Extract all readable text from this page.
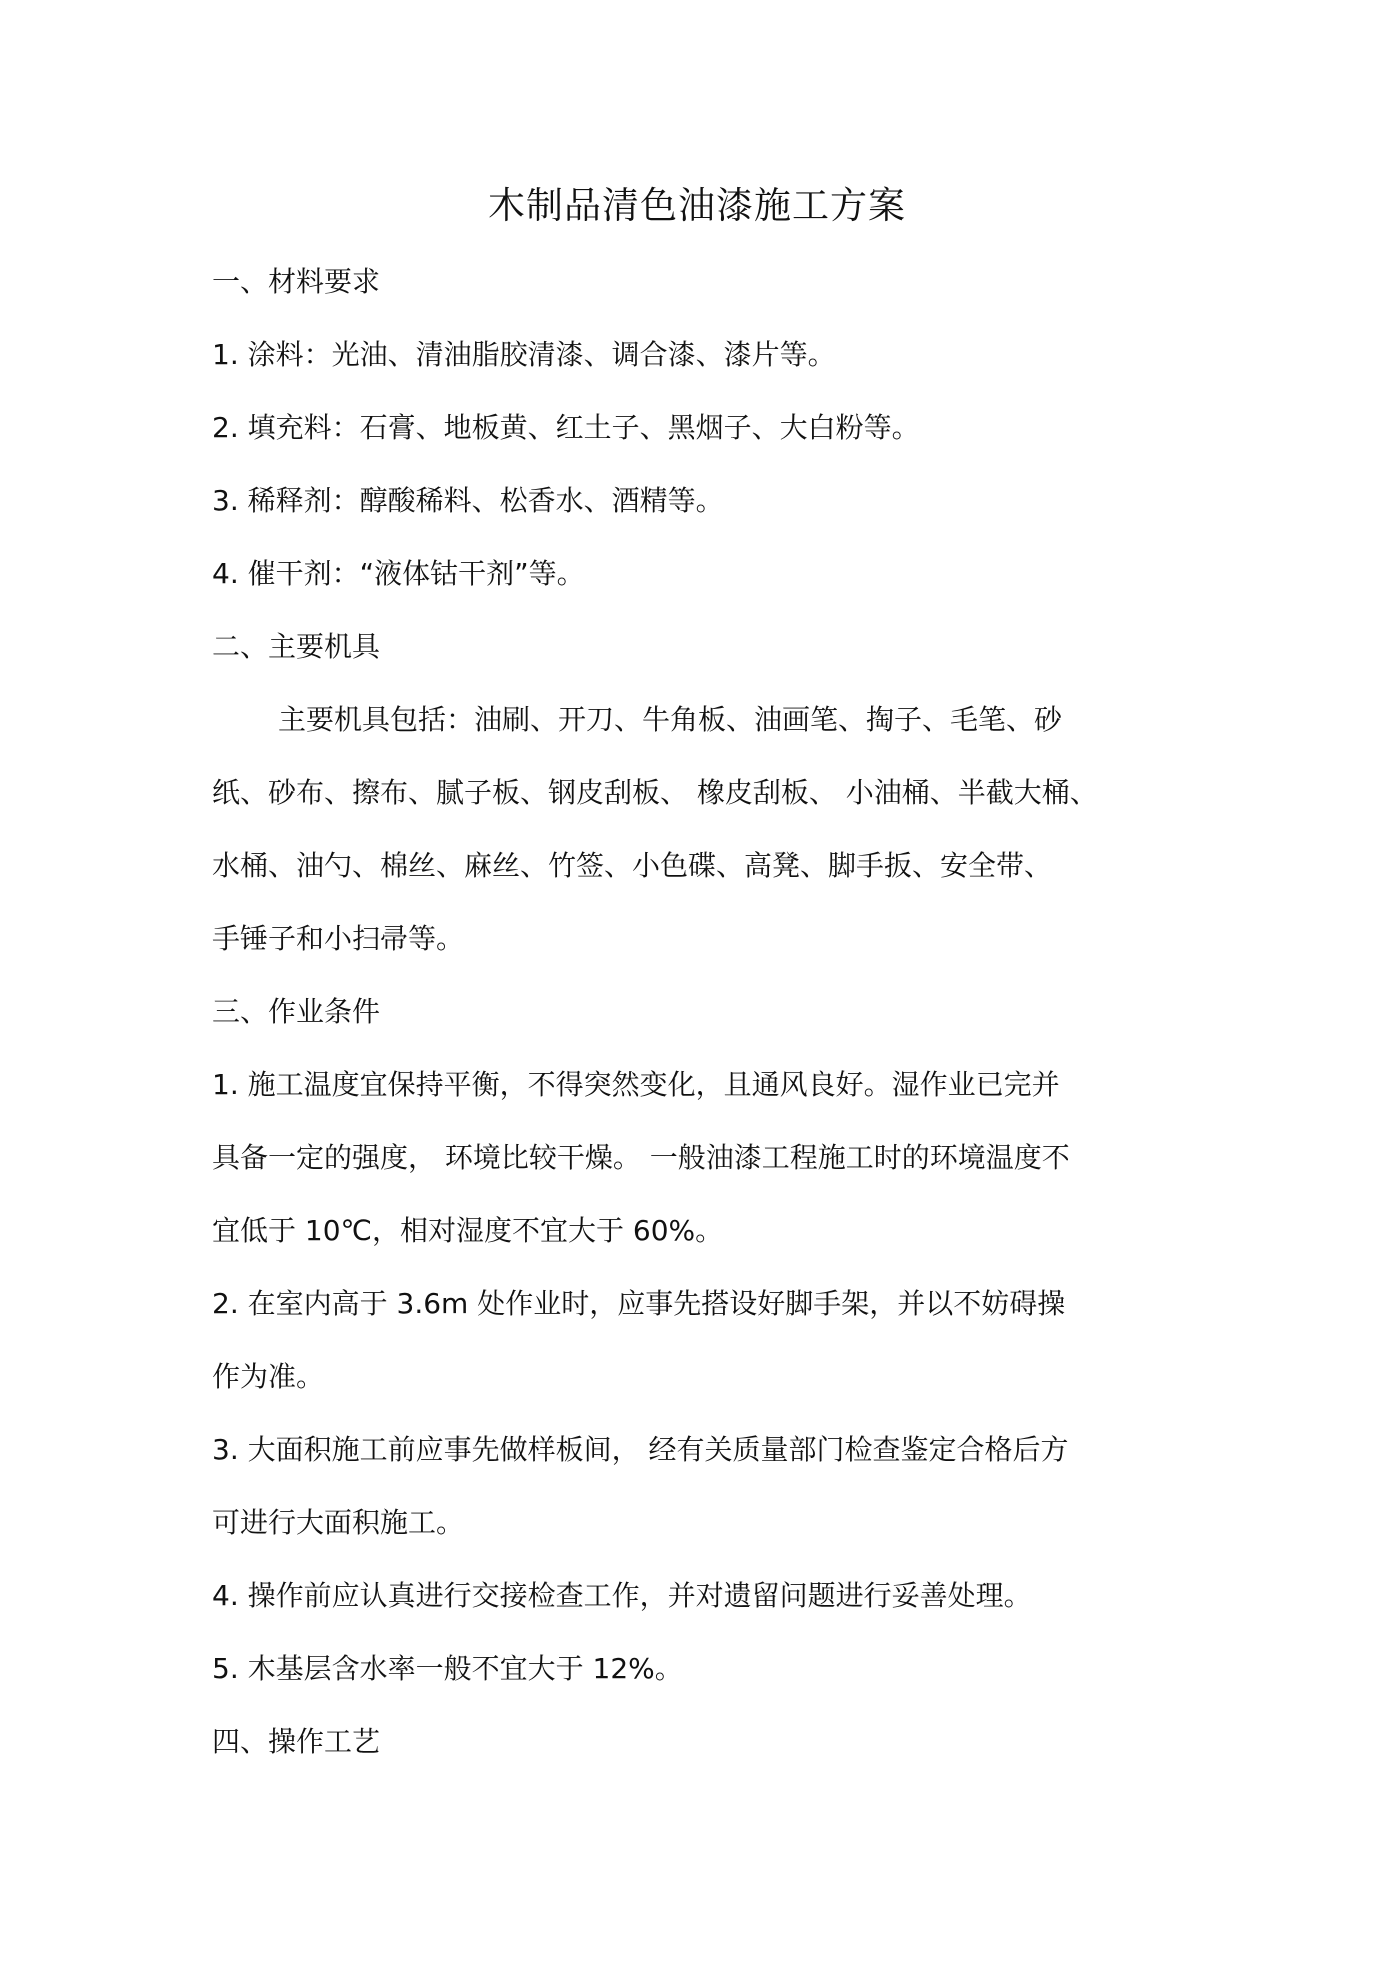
木制品清色油漆施工方案
一、材料要求
1. 涂料：光油、清油脂胶清漆、调合漆、漆片等。
2. 填充料：石膏、地板黄、红土子、黑烟子、大白粉等。
3. 稀释剂：醇酸稀料、松香水、酒精等。
4. 催干剂：“液体钴干剂”等。
二、主要机具
主要机具包括：油刷、开刀、牛角板、油画笔、掏子、毛笔、砂
纸、砂布、擦布、腻子板、钢皮刮板、 橡皮刮板、 小油桶、半截大桶、
水桶、油勺、棉丝、麻丝、竹签、小色碟、高凳、脚手扳、安全带、
手锤子和小扫帚等。
三、作业条件
1. 施工温度宜保持平衡，不得突然变化，且通风良好。湿作业已完并
具备一定的强度， 环境比较干燥。 一般油漆工程施工时的环境温度不
宜低于 10℃，相对湿度不宜大于 60%。
2. 在室内高于 3.6m 处作业时，应事先搭设好脚手架，并以不妨碍操
作为准。
3. 大面积施工前应事先做样板间， 经有关质量部门检查鉴定合格后方
可进行大面积施工。
4. 操作前应认真进行交接检查工作，并对遗留问题进行妥善处理。
5. 木基层含水率一般不宜大于 12%。
四、操作工艺
